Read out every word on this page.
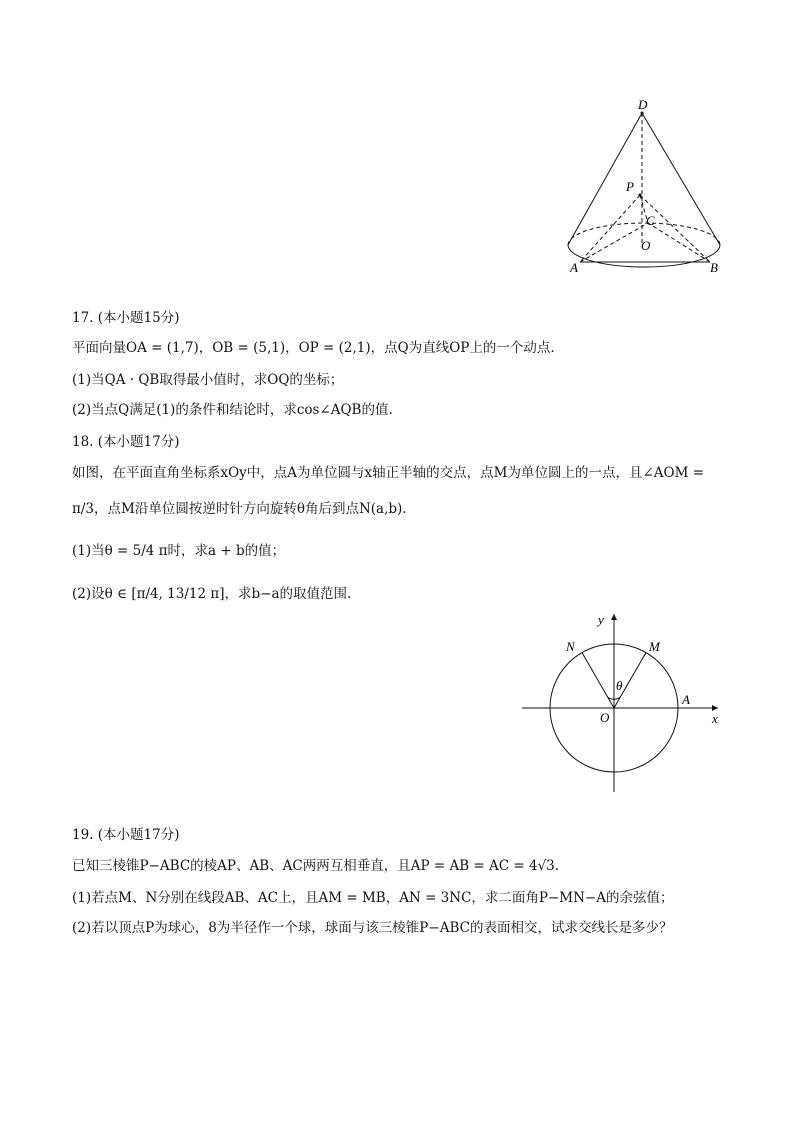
D
P
C
O
A	B
17. (本小题15分)
平面向量OA = (1,7)，OB = (5,1)，OP = (2,1)，点Q为直线OP上的一个动点.
(1)当QA · QB取得最小值时，求OQ的坐标；
(2)当点Q满足(1)的条件和结论时，求cos∠AQB的值.
18. (本小题17分)
如图，在平面直角坐标系xOy中，点A为单位圆与x轴正半轴的交点，点M为单位圆上的一点，且∠AOM =
π/3，点M沿单位圆按逆时针方向旋转θ角后到点N(a,b).
(1)当θ = 5/4 π时，求a + b的值；
(2)设θ ∈ [π/4, 13/12 π]，求b−a的取值范围.
y
x
N	M
O
A
θ
19. (本小题17分)
已知三棱锥P−ABC的棱AP、AB、AC两两互相垂直，且AP = AB = AC = 4√3.
(1)若点M、N分别在线段AB、AC上，且AM = MB，AN = 3NC，求二面角P−MN−A的余弦值；
(2)若以顶点P为球心，8为半径作一个球，球面与该三棱锥P−ABC的表面相交，试求交线长是多少？
